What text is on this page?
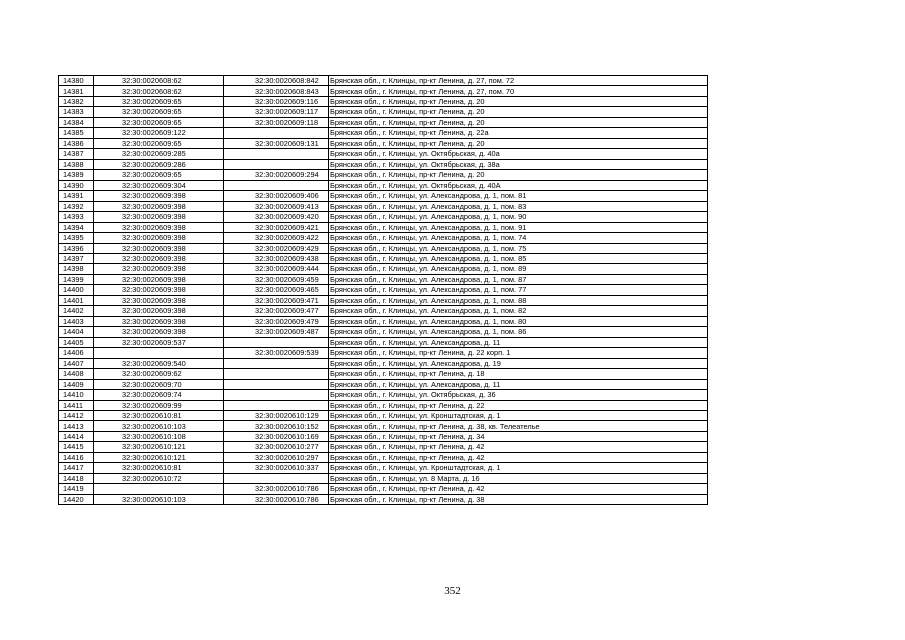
14380	32:30:0020608:62	32:30:0020608:842	Брянская обл., г. Клинцы, пр-кт Ленина, д. 27, пом. 72
14381	32:30:0020608:62	32:30:0020608:843	Брянская обл., г. Клинцы, пр-кт Ленина, д. 27, пом. 70
14382	32:30:0020609:65	32:30:0020609:116	Брянская обл., г. Клинцы, пр-кт Ленина, д. 20
14383	32:30:0020609:65	32:30:0020609:117	Брянская обл., г. Клинцы, пр-кт Ленина, д. 20
14384	32:30:0020609:65	32:30:0020609:118	Брянская обл., г. Клинцы, пр-кт Ленина, д. 20
14385	32:30:0020609:122		Брянская обл., г. Клинцы, пр-кт Ленина, д. 22а
14386	32:30:0020609:65	32:30:0020609:131	Брянская обл., г. Клинцы, пр-кт Ленина, д. 20
14387	32:30:0020609:285		Брянская обл., г. Клинцы, ул. Октябрьская, д. 40а
14388	32:30:0020609:286		Брянская обл., г. Клинцы, ул. Октябрьская, д. 38а
14389	32:30:0020609:65	32:30:0020609:294	Брянская обл., г. Клинцы, пр-кт Ленина, д. 20
14390	32:30:0020609:304		Брянская обл., г. Клинцы, ул. Октябрьская, д. 40А
14391	32:30:0020609:398	32:30:0020609:406	Брянская обл., г. Клинцы, ул. Александрова, д. 1, пом. 81
14392	32:30:0020609:398	32:30:0020609:413	Брянская обл., г. Клинцы, ул. Александрова, д. 1, пом. 83
14393	32:30:0020609:398	32:30:0020609:420	Брянская обл., г. Клинцы, ул. Александрова, д. 1, пом. 90
14394	32:30:0020609:398	32:30:0020609:421	Брянская обл., г. Клинцы, ул. Александрова, д. 1, пом. 91
14395	32:30:0020609:398	32:30:0020609:422	Брянская обл., г. Клинцы, ул. Александрова, д. 1, пом. 74
14396	32:30:0020609:398	32:30:0020609:429	Брянская обл., г. Клинцы, ул. Александрова, д. 1, пом. 75
14397	32:30:0020609:398	32:30:0020609:438	Брянская обл., г. Клинцы, ул. Александрова, д. 1, пом. 85
14398	32:30:0020609:398	32:30:0020609:444	Брянская обл., г. Клинцы, ул. Александрова, д. 1, пом. 89
14399	32:30:0020609:398	32:30:0020609:459	Брянская обл., г. Клинцы, ул. Александрова, д. 1, пом. 87
14400	32:30:0020609:398	32:30:0020609:465	Брянская обл., г. Клинцы, ул. Александрова, д. 1, пом. 77
14401	32:30:0020609:398	32:30:0020609:471	Брянская обл., г. Клинцы, ул. Александрова, д. 1, пом. 88
14402	32:30:0020609:398	32:30:0020609:477	Брянская обл., г. Клинцы, ул. Александрова, д. 1, пом. 82
14403	32:30:0020609:398	32:30:0020609:479	Брянская обл., г. Клинцы, ул. Александрова, д. 1, пом. 80
14404	32:30:0020609:398	32:30:0020609:487	Брянская обл., г. Клинцы, ул. Александрова, д. 1, пом. 86
14405	32:30:0020609:537		Брянская обл., г. Клинцы, ул. Александрова, д. 11
14406		32:30:0020609:539	Брянская обл., г. Клинцы, пр-кт Ленина, д. 22 корп. 1
14407	32:30:0020609:540		Брянская обл., г. Клинцы, ул. Александрова, д. 19
14408	32:30:0020609:62		Брянская обл., г. Клинцы, пр-кт Ленина, д. 18
14409	32:30:0020609:70		Брянская обл., г. Клинцы, ул. Александрова, д. 11
14410	32:30:0020609:74		Брянская обл., г. Клинцы, ул. Октябрьская, д. 36
14411	32:30:0020609:99		Брянская обл., г. Клинцы, пр-кт Ленина, д. 22
14412	32:30:0020610:81	32:30:0020610:129	Брянская обл., г. Клинцы, ул. Кронштадтская, д. 1
14413	32:30:0020610:103	32:30:0020610:152	Брянская обл., г. Клинцы, пр-кт Ленина, д. 38, кв. Телеателье
14414	32:30:0020610:108	32:30:0020610:169	Брянская обл., г. Клинцы, пр-кт Ленина, д. 34
14415	32:30:0020610:121	32:30:0020610:277	Брянская обл., г. Клинцы, пр-кт Ленина, д. 42
14416	32:30:0020610:121	32:30:0020610:297	Брянская обл., г. Клинцы, пр-кт Ленина, д. 42
14417	32:30:0020610:81	32:30:0020610:337	Брянская обл., г. Клинцы, ул. Кронштадтская, д. 1
14418	32:30:0020610:72		Брянская обл., г. Клинцы, ул. 8 Марта, д. 16
14419		32:30:0020610:786	Брянская обл., г. Клинцы, пр-кт Ленина, д. 42
14420	32:30:0020610:103	32:30:0020610:786	Брянская обл., г. Клинцы, пр-кт Ленина, д. 38
352
